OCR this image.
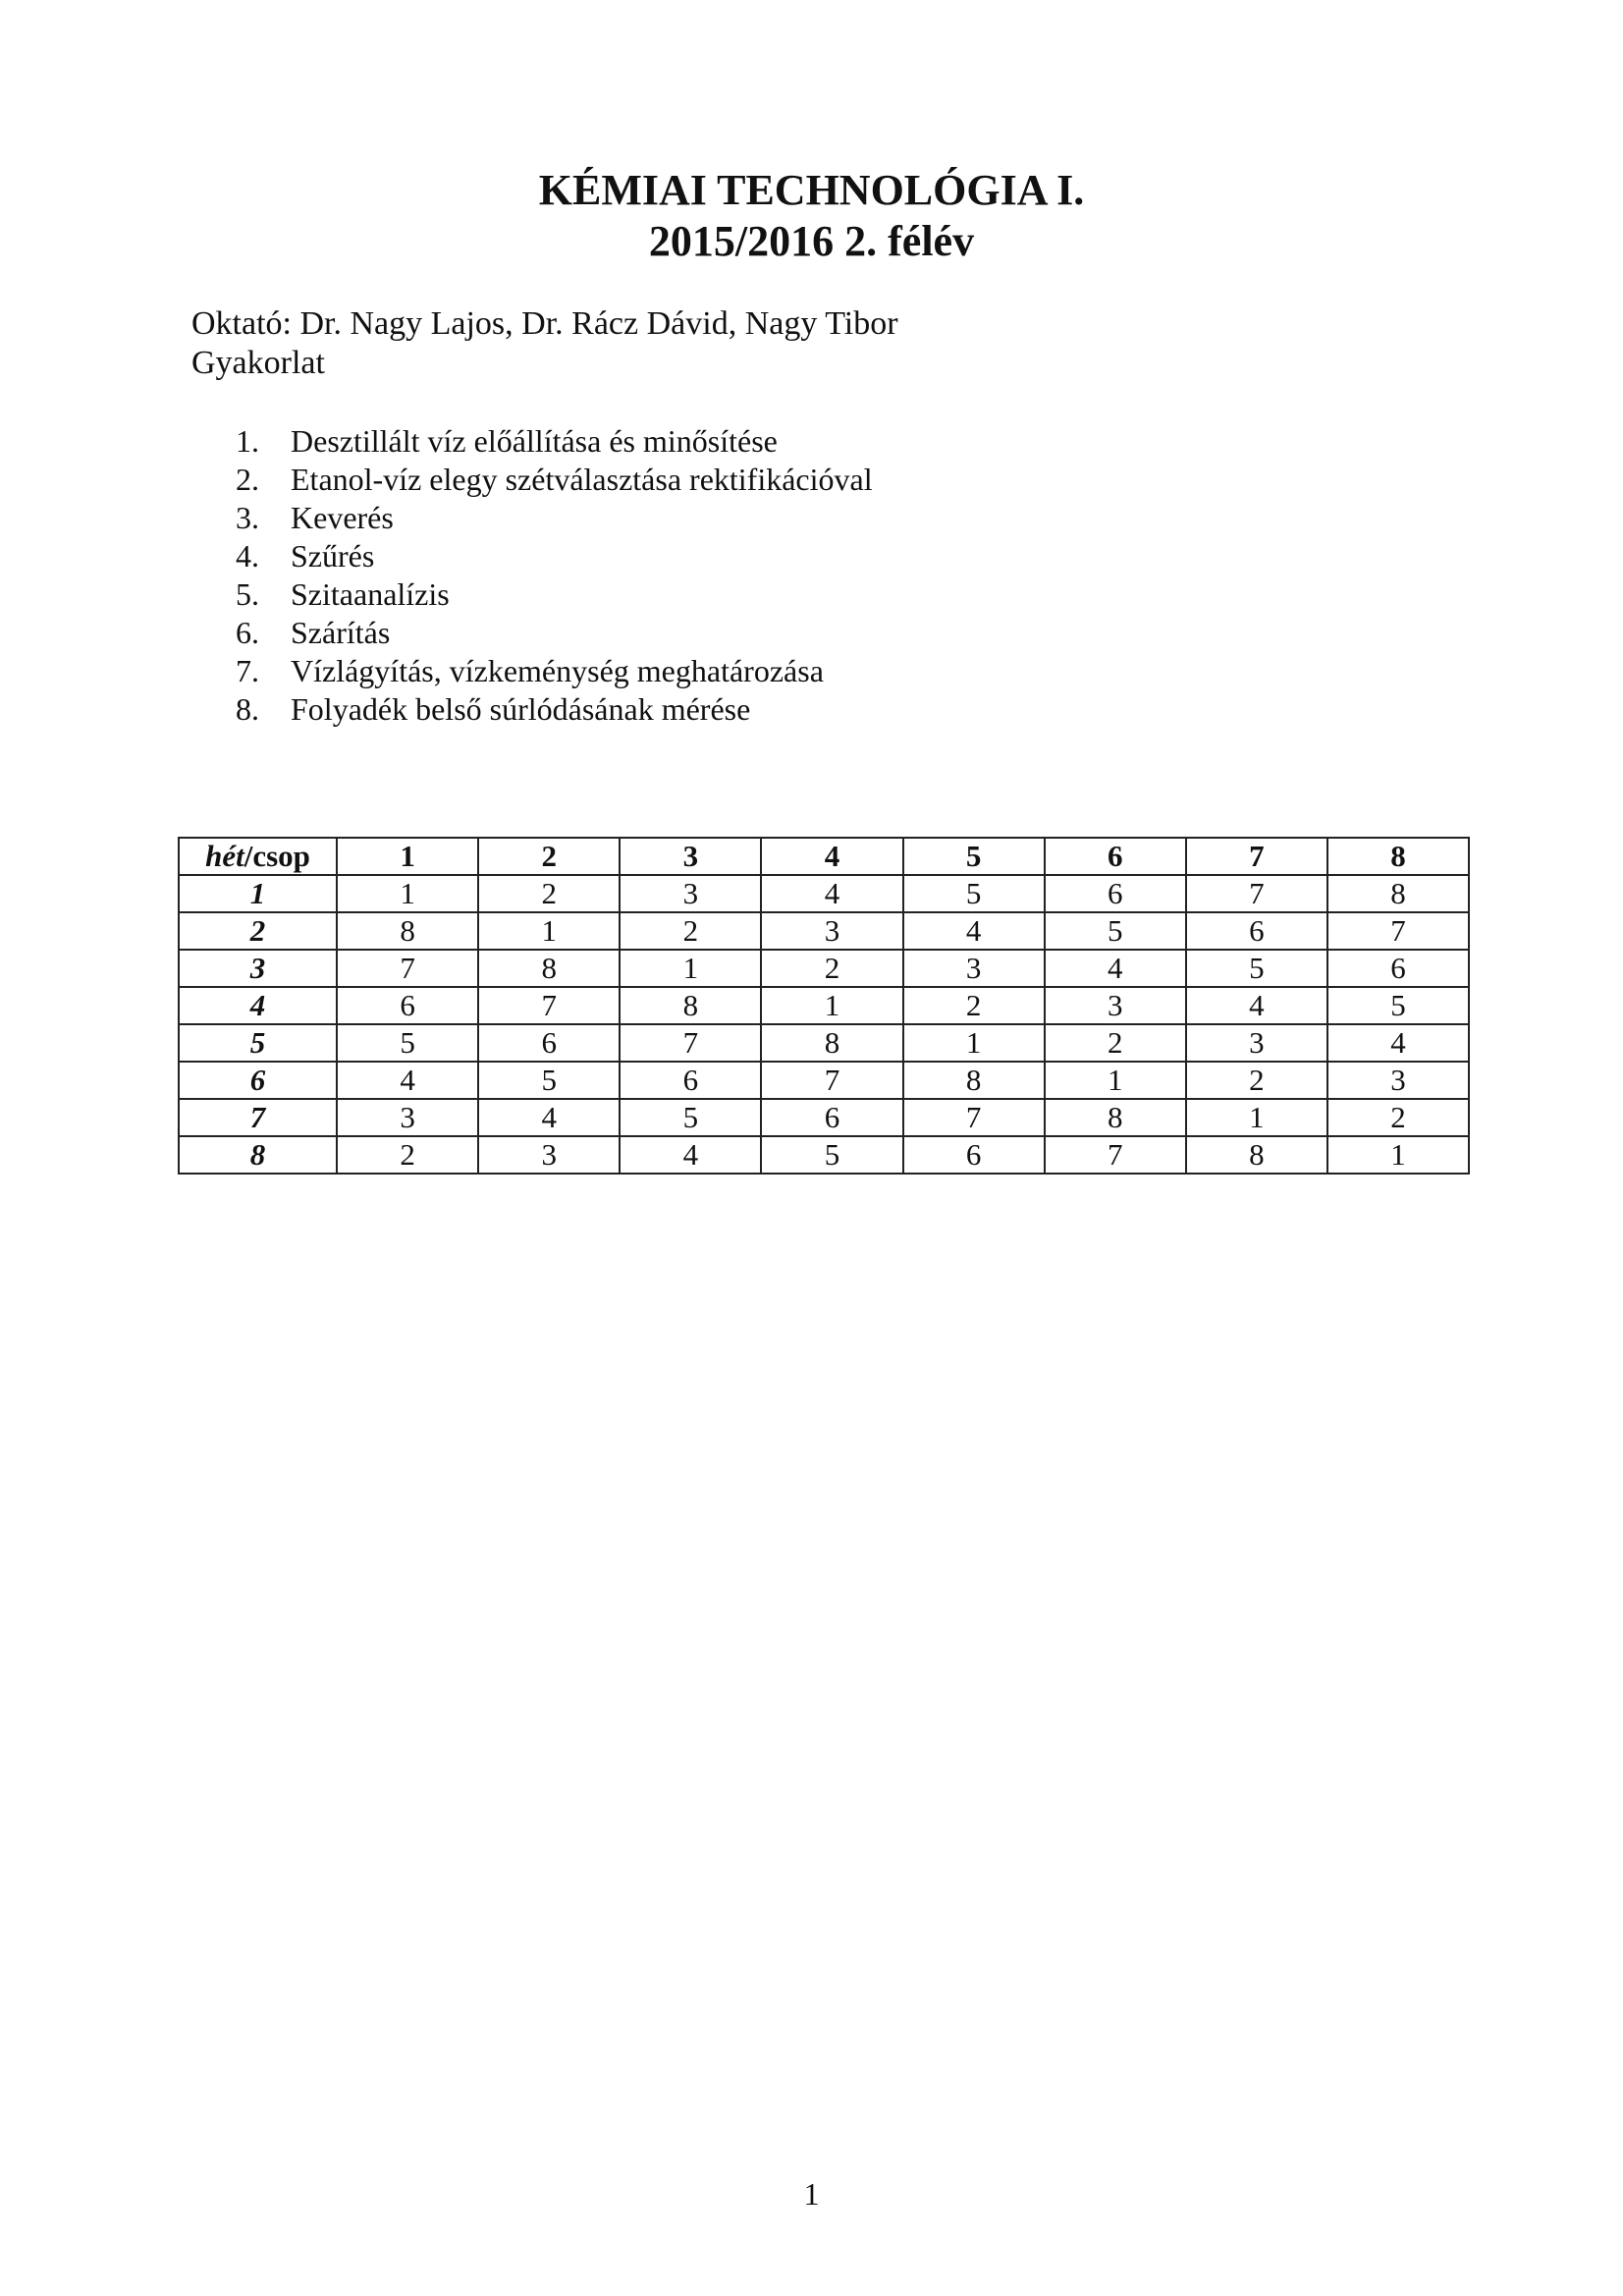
KÉMIAI TECHNOLÓGIA I.
2015/2016 2. félév
Oktató: Dr. Nagy Lajos, Dr. Rácz Dávid, Nagy Tibor
Gyakorlat
1.	Desztillált víz előállítása és minősítése
2.	Etanol-víz elegy szétválasztása rektifikációval
3.	Keverés
4.	Szűrés
5.	Szitaanalízis
6.	Szárítás
7.	Vízlágyítás, vízkeménység meghatározása
8.	Folyadék belső súrlódásának mérése
hét/csop	1	2	3	4	5	6	7	8
1	1	2	3	4	5	6	7	8
2	8	1	2	3	4	5	6	7
3	7	8	1	2	3	4	5	6
4	6	7	8	1	2	3	4	5
5	5	6	7	8	1	2	3	4
6	4	5	6	7	8	1	2	3
7	3	4	5	6	7	8	1	2
8	2	3	4	5	6	7	8	1
1
